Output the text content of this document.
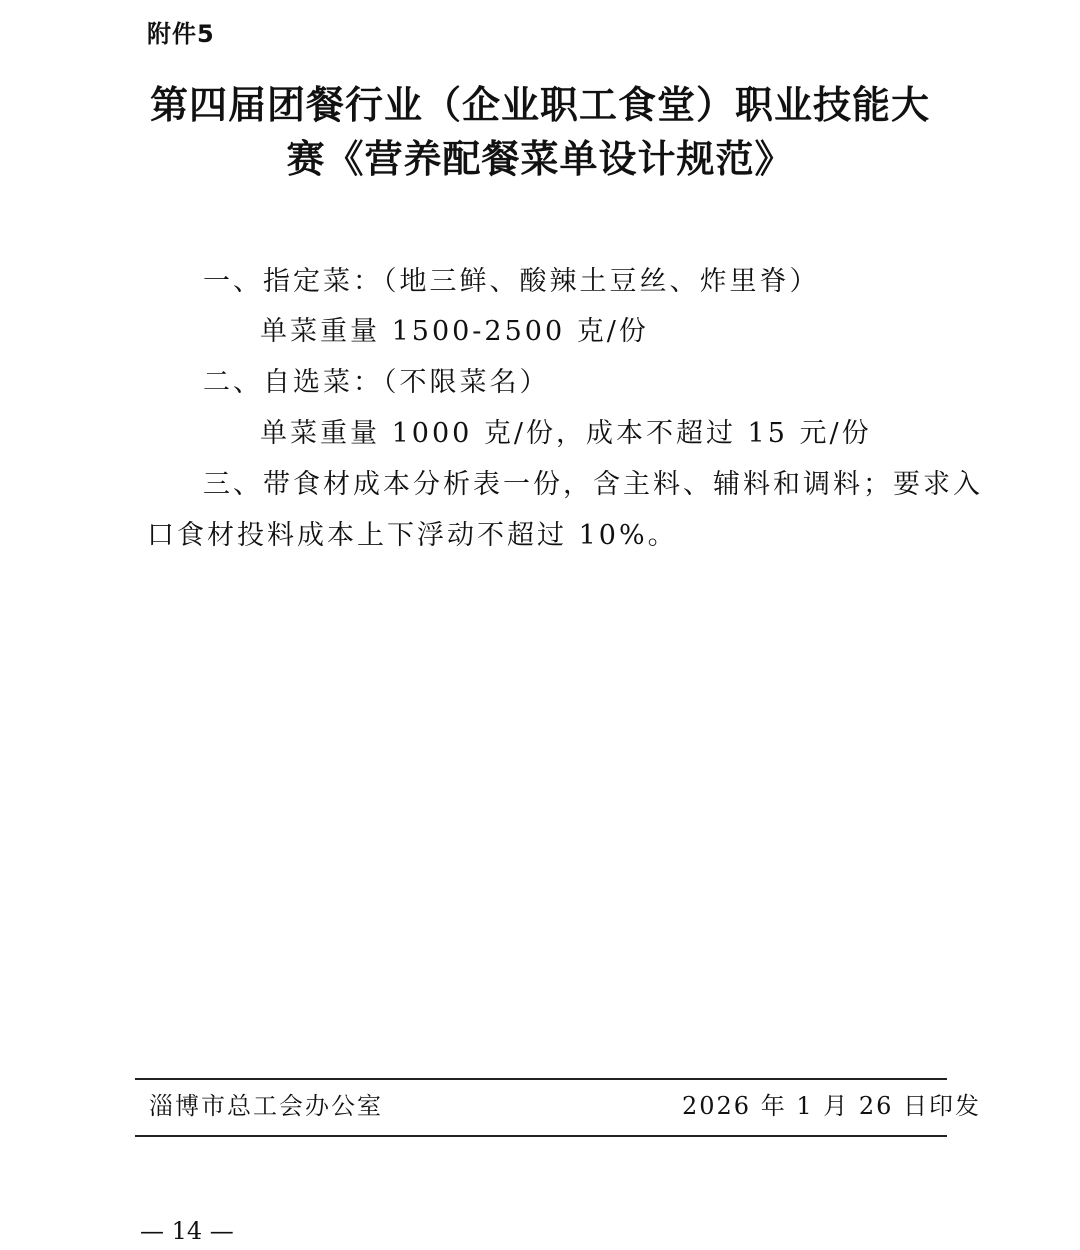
附件5
第四届团餐行业（企业职工食堂）职业技能大
赛《营养配餐菜单设计规范》
一、指定菜：（地三鲜、酸辣土豆丝、炸里脊）
单菜重量 1500-2500 克/份
二、自选菜：（不限菜名）
单菜重量 1000 克/份，成本不超过 15 元/份
三、带食材成本分析表一份，含主料、辅料和调料；要求入
口食材投料成本上下浮动不超过 10%。
淄博市总工会办公室	2026 年 1 月 26 日印发
— 14 —
